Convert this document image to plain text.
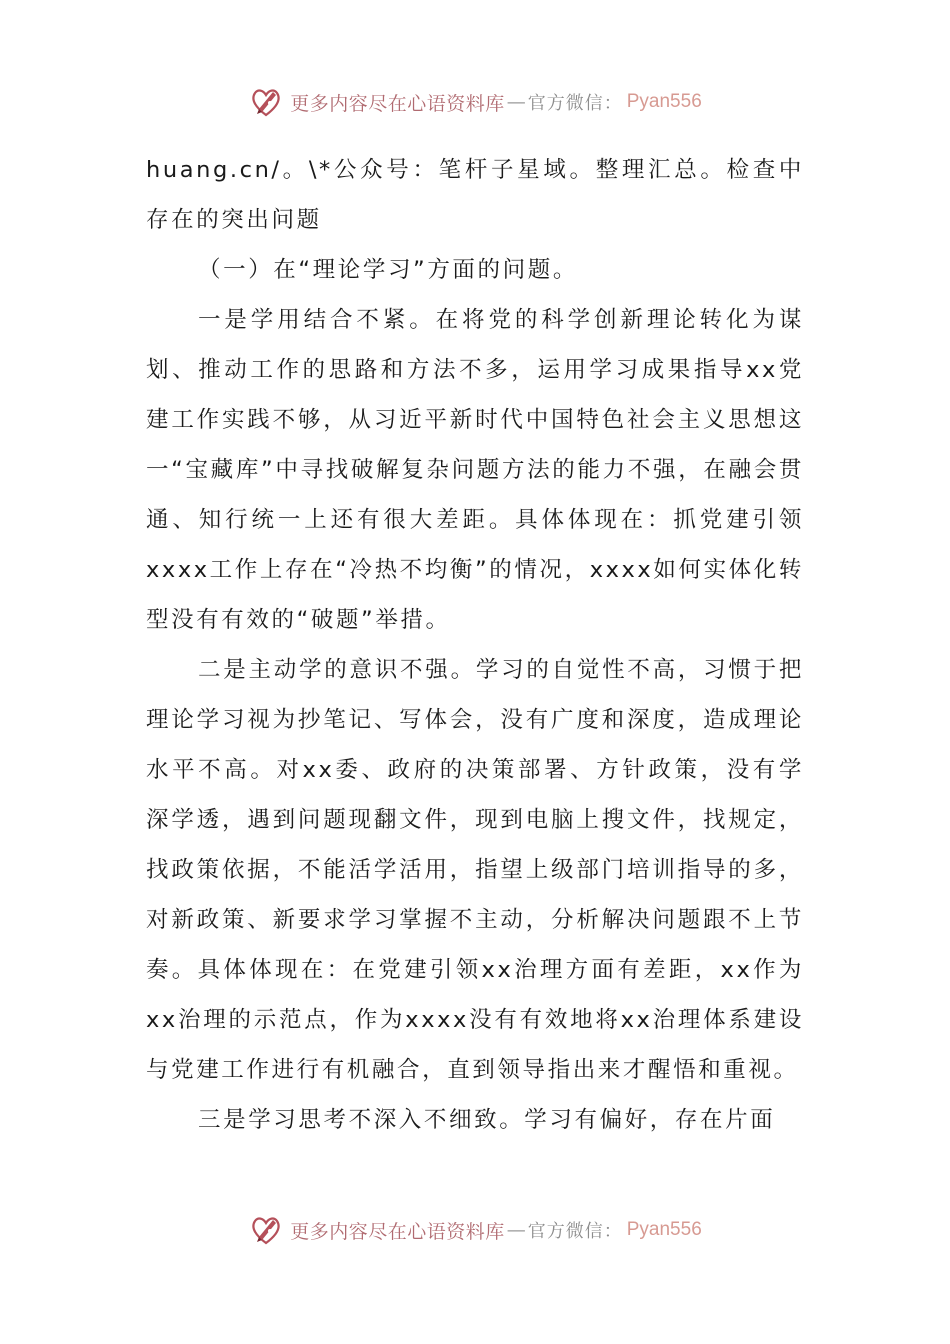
更多内容尽在心语资料库 — 官方微信： Pyan556

huang.cn/。\*公众号：笔杆子星域。整理汇总。检查中存在的突出问题

（一）在“理论学习”方面的问题。

一是学用结合不紧。在将党的科学创新理论转化为谋划、推动工作的思路和方法不多，运用学习成果指导xx党建工作实践不够，从习近平新时代中国特色社会主义思想这一“宝藏库”中寻找破解复杂问题方法的能力不强，在融会贯通、知行统一上还有很大差距。具体体现在：抓党建引领xxxx工作上存在“冷热不均衡”的情况，xxxx如何实体化转型没有有效的“破题”举措。

二是主动学的意识不强。学习的自觉性不高，习惯于把理论学习视为抄笔记、写体会，没有广度和深度，造成理论水平不高。对xx委、政府的决策部署、方针政策，没有学深学透，遇到问题现翻文件，现到电脑上搜文件，找规定，找政策依据，不能活学活用，指望上级部门培训指导的多，对新政策、新要求学习掌握不主动，分析解决问题跟不上节奏。具体体现在：在党建引领xx治理方面有差距，xx作为xx治理的示范点，作为xxxx没有有效地将xx治理体系建设与党建工作进行有机融合，直到领导指出来才醒悟和重视。

三是学习思考不深入不细致。学习有偏好，存在片面

更多内容尽在心语资料库 — 官方微信： Pyan556
